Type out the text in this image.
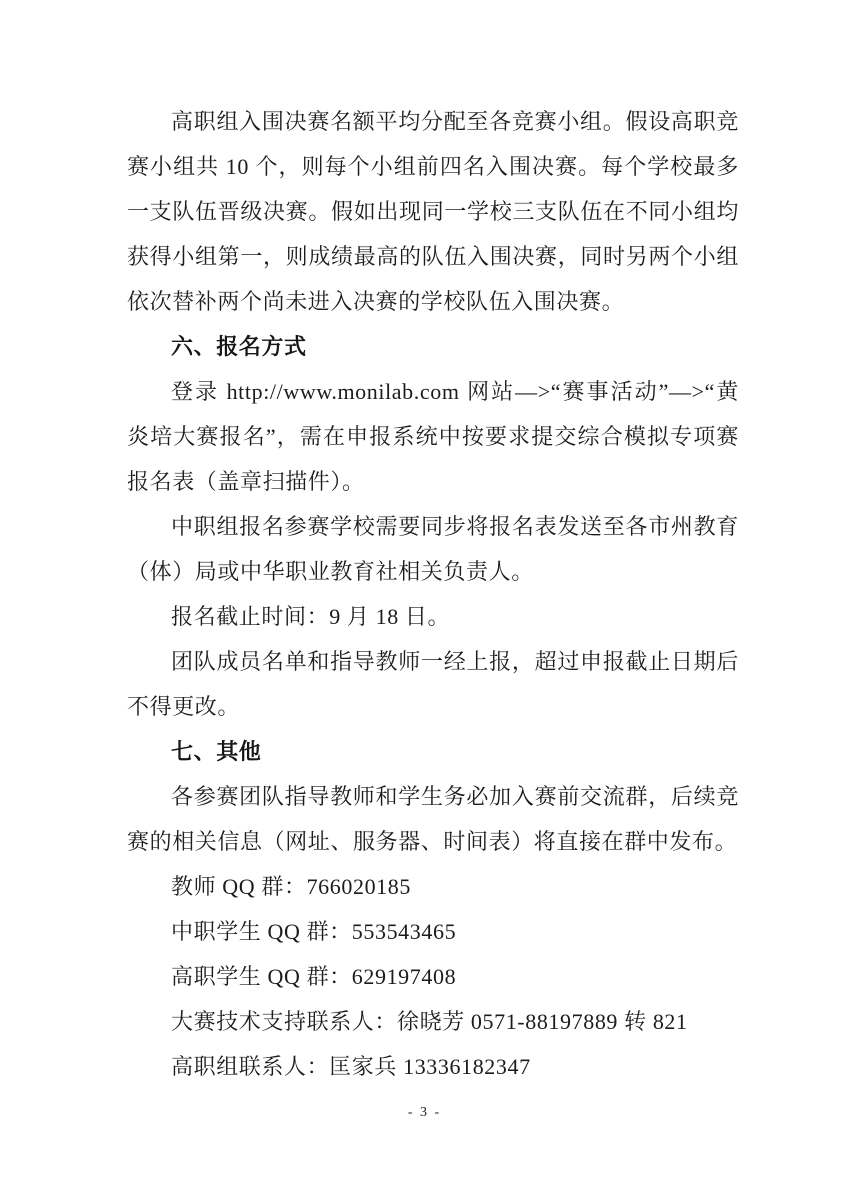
高职组入围决赛名额平均分配至各竞赛小组。假设高职竞赛小组共 10 个，则每个小组前四名入围决赛。每个学校最多一支队伍晋级决赛。假如出现同一学校三支队伍在不同小组均获得小组第一，则成绩最高的队伍入围决赛，同时另两个小组依次替补两个尚未进入决赛的学校队伍入围决赛。

六、报名方式

登录 http://www.monilab.com 网站—>“赛事活动”—>“黄炎培大赛报名”，需在申报系统中按要求提交综合模拟专项赛报名表（盖章扫描件）。

中职组报名参赛学校需要同步将报名表发送至各市州教育（体）局或中华职业教育社相关负责人。

报名截止时间：9 月 18 日。

团队成员名单和指导教师一经上报，超过申报截止日期后不得更改。

七、其他

各参赛团队指导教师和学生务必加入赛前交流群，后续竞赛的相关信息（网址、服务器、时间表）将直接在群中发布。

教师 QQ 群：766020185

中职学生 QQ 群：553543465

高职学生 QQ 群：629197408

大赛技术支持联系人：徐晓芳 0571-88197889 转 821

高职组联系人：匡家兵 13336182347

- 3 -
